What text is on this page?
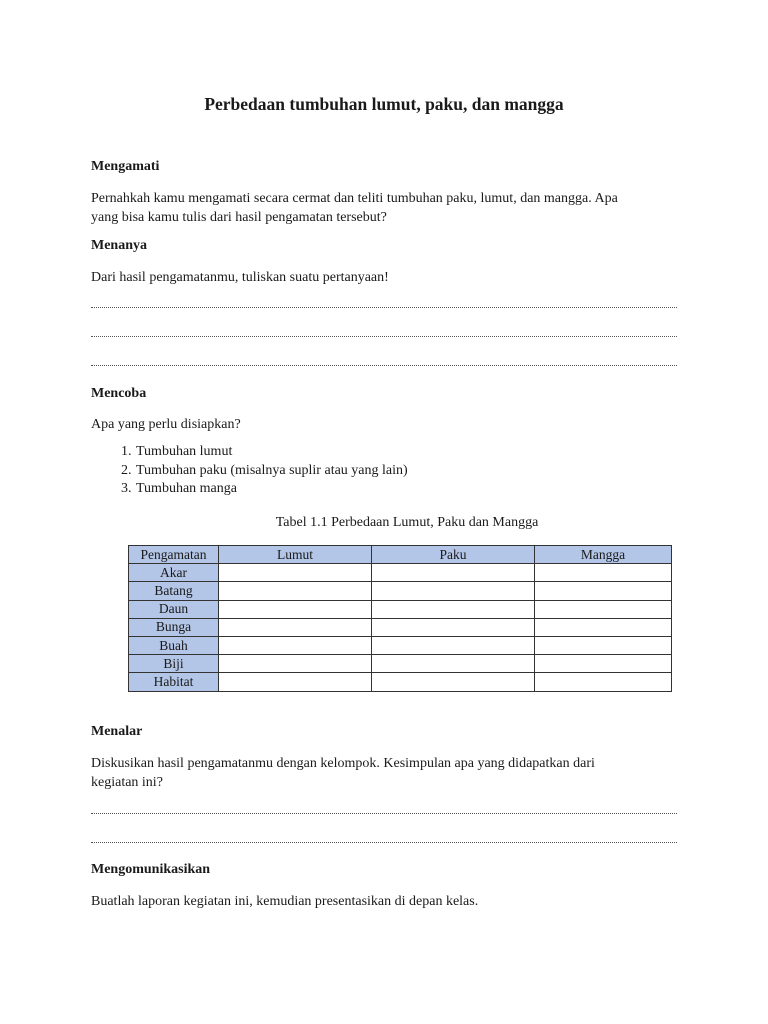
Perbedaan tumbuhan lumut, paku, dan mangga
Mengamati
Pernahkah kamu mengamati secara cermat dan teliti tumbuhan paku, lumut, dan mangga. Apa
yang bisa kamu tulis dari hasil pengamatan tersebut?
Menanya
Dari hasil pengamatanmu, tuliskan suatu pertanyaan!
Mencoba
Apa yang perlu disiapkan?
1. Tumbuhan lumut
2. Tumbuhan paku (misalnya suplir atau yang lain)
3. Tumbuhan manga
Tabel 1.1 Perbedaan Lumut, Paku dan Mangga
Pengamatan	Lumut	Paku	Mangga
Akar			
Batang			
Daun			
Bunga			
Buah			
Biji			
Habitat			
Menalar
Diskusikan hasil pengamatanmu dengan kelompok. Kesimpulan apa yang didapatkan dari
kegiatan ini?
Mengomunikasikan
Buatlah laporan kegiatan ini, kemudian presentasikan di depan kelas.
